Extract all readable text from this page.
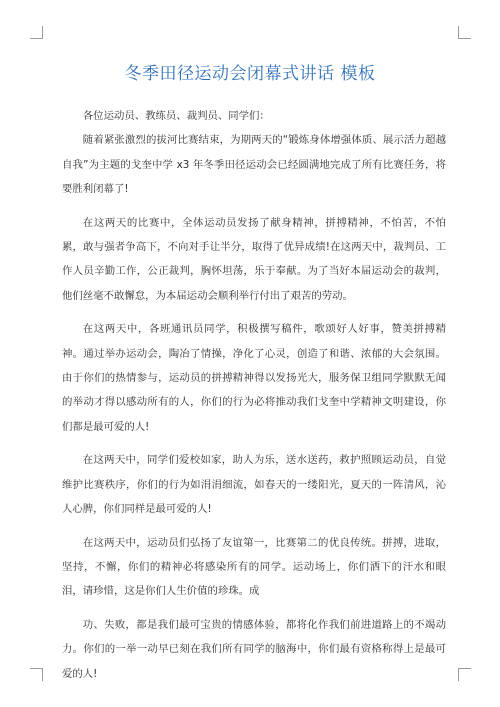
冬季田径运动会闭幕式讲话 模板

各位运动员、教练员、裁判员、同学们：

随着紧张激烈的拔河比赛结束，为期两天的“锻炼身体增强体质、展示活力超越自我”为主题的戈奎中学 x3 年冬季田径运动会已经圆满地完成了所有比赛任务，将要胜利闭幕了!

在这两天的比赛中，全体运动员发扬了献身精神，拼搏精神，不怕苦，不怕累，敢与强者争高下，不向对手让半分，取得了优异成绩!在这两天中，裁判员、工作人员辛勤工作，公正裁判，胸怀坦荡，乐于奉献。为了当好本届运动会的裁判，他们丝毫不敢懈怠，为本届运动会顺利举行付出了艰苦的劳动。

在这两天中，各班通讯员同学，积极撰写稿件，歌颂好人好事，赞美拼搏精神。通过举办运动会，陶冶了情操，净化了心灵，创造了和谐、浓郁的大会氛围。由于你们的热情参与，运动员的拼搏精神得以发扬光大，服务保卫组同学默默无闻的举动才得以感动所有的人，你们的行为必将推动我们戈奎中学精神文明建设，你们都是最可爱的人!

在这两天中，同学们爱校如家，助人为乐，送水送药，救护照顾运动员，自觉维护比赛秩序，你们的行为如涓涓细流，如春天的一缕阳光，夏天的一阵清风，沁人心脾，你们同样是最可爱的人!

在这两天中，运动员们弘扬了友谊第一，比赛第二的优良传统。拼搏，进取，坚持，不懈，你们的精神必将感染所有的同学。运动场上，你们洒下的汗水和眼泪，请珍惜，这是你们人生价值的珍珠。成

功、失败，都是我们最可宝贵的情感体验，都将化作我们前进道路上的不竭动力。你们的一举一动早已刻在我们所有同学的脑海中，你们最有资格称得上是最可爱的人!
